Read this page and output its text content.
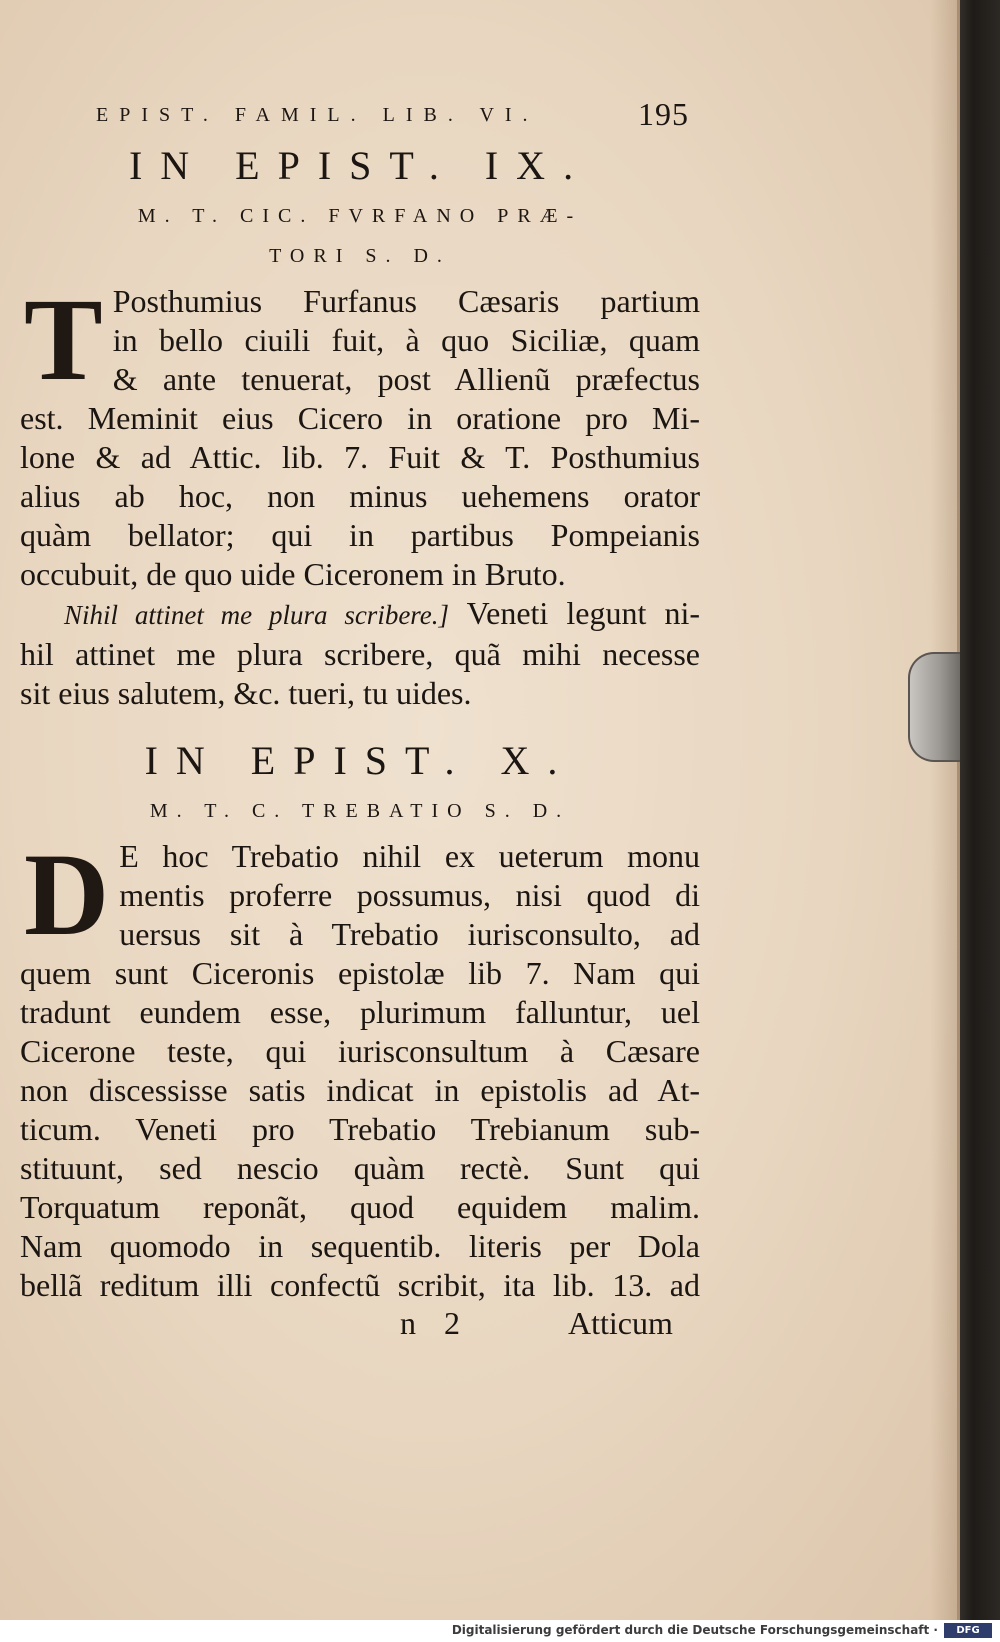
EPIST. FAMIL. LIB. VI.	195
IN EPIST. IX.
M. T. CIC. FVRFANO PRÆ-
TORI S. D.
T Posthumius Furfanus Cæsaris partium
in bello ciuili fuit, à quo Siciliæ, quam
& ante tenuerat, post Allienũ præfectus
est. Meminit eius Cicero in oratione pro Mi-
lone & ad Attic. lib. 7. Fuit & T. Posthumius
alius ab hoc, non minus uehemens orator
quàm bellator; qui in partibus Pompeianis
occubuit, de quo uide Ciceronem in Bruto.
Nihil attinet me plura scribere.] Veneti legunt ni-
hil attinet me plura scribere, quã mihi necesse
sit eius salutem, &c. tueri, tu uides.
IN EPIST. X.
M. T. C. TREBATIO S. D.
D E hoc Trebatio nihil ex ueterum monu
mentis proferre possumus, nisi quod di
uersus sit à Trebatio iurisconsulto, ad
quem sunt Ciceronis epistolæ lib 7. Nam qui
tradunt eundem esse, plurimum falluntur, uel
Cicerone teste, qui iurisconsultum à Cæsare
non discessisse satis indicat in epistolis ad At-
ticum. Veneti pro Trebatio Trebianum sub-
stituunt, sed nescio quàm rectè. Sunt qui
Torquatum reponãt, quod equidem malim.
Nam quomodo in sequentib. literis per Dola
bellã reditum illi confectũ scribit, ita lib. 13. ad
n 2	Atticum
Digitalisierung gefördert durch die Deutsche Forschungsgemeinschaft ·	DFG
